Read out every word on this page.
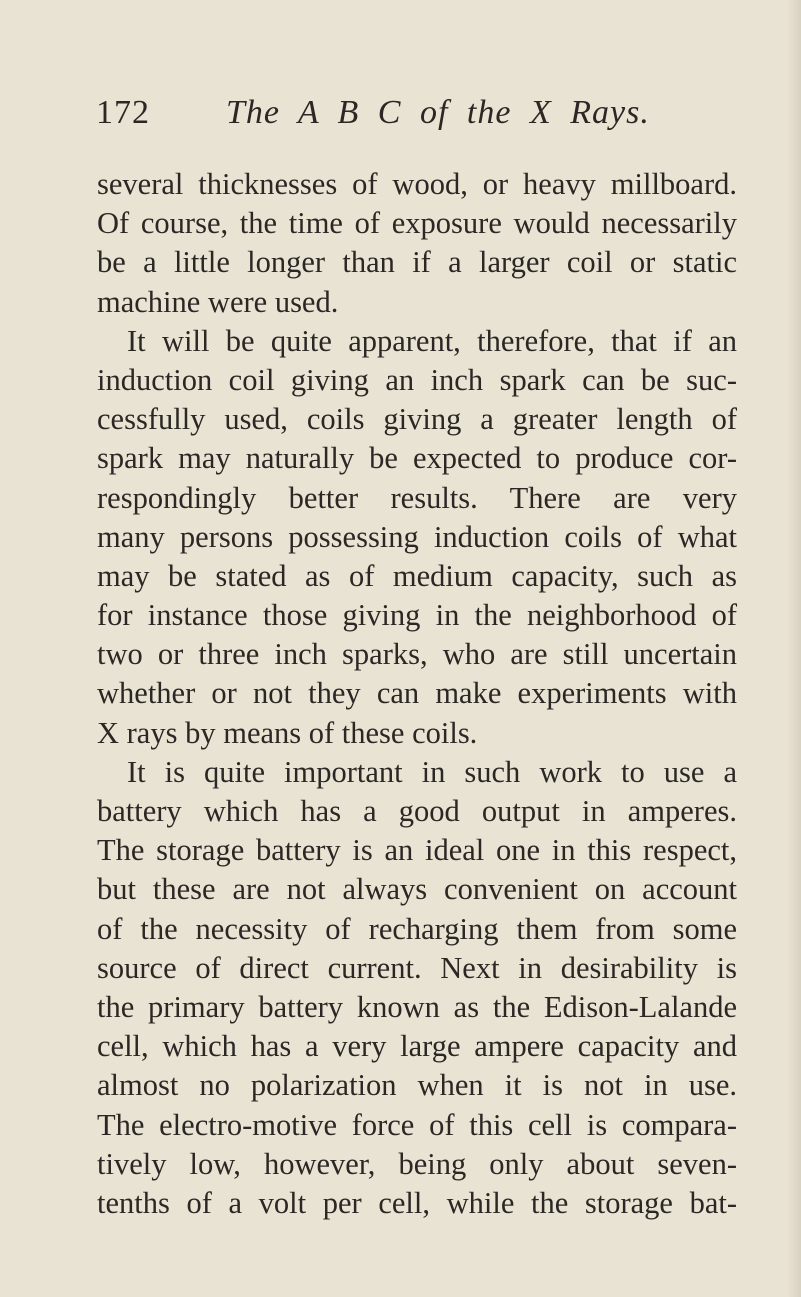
172 The A B C of the X Rays.
several thicknesses of wood, or heavy millboard.
Of course, the time of exposure would necessarily
be a little longer than if a larger coil or static
machine were used.
It will be quite apparent, therefore, that if an
induction coil giving an inch spark can be suc-
cessfully used, coils giving a greater length of
spark may naturally be expected to produce cor-
respondingly better results. There are very
many persons possessing induction coils of what
may be stated as of medium capacity, such as
for instance those giving in the neighborhood of
two or three inch sparks, who are still uncertain
whether or not they can make experiments with
X rays by means of these coils.
It is quite important in such work to use a
battery which has a good output in amperes.
The storage battery is an ideal one in this respect,
but these are not always convenient on account
of the necessity of recharging them from some
source of direct current. Next in desirability is
the primary battery known as the Edison-Lalande
cell, which has a very large ampere capacity and
almost no polarization when it is not in use.
The electro-motive force of this cell is compara-
tively low, however, being only about seven-
tenths of a volt per cell, while the storage bat-
